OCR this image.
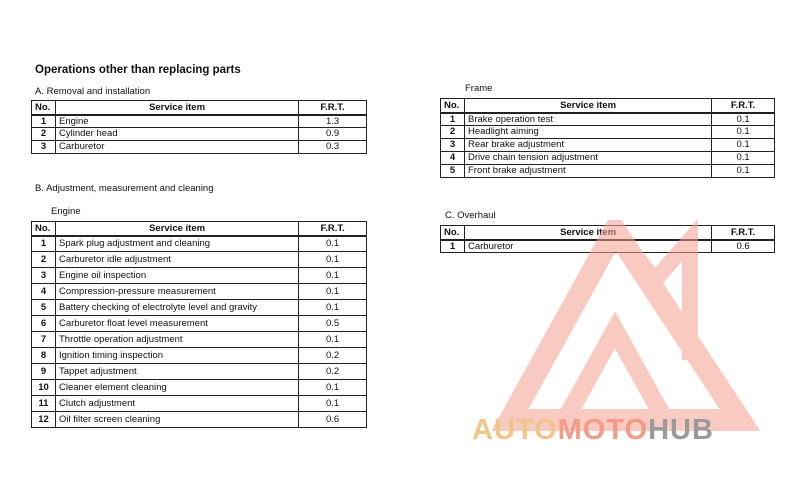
Operations other than replacing parts
A. Removal and installation
No.	Service item	F.R.T.
1	Engine	1.3
2	Cylinder head	0.9
3	Carburetor	0.3
B. Adjustment, measurement and cleaning
Engine
No.	Service item	F.R.T.
1	Spark plug adjustment and cleaning	0.1
2	Carburetor idle adjustment	0.1
3	Engine oil inspection	0.1
4	Compression-pressure measurement	0.1
5	Battery checking of electrolyte level and gravity	0.1
6	Carburetor float level measurement	0.5
7	Throttle operation adjustment	0.1
8	Ignition timing inspection	0.2
9	Tappet adjustment	0.2
10	Cleaner element cleaning	0.1
11	Clutch adjustment	0.1
12	Oil filter screen cleaning	0.6
Frame
No.	Service item	F.R.T.
1	Brake operation test	0.1
2	Headlight aiming	0.1
3	Rear brake adjustment	0.1
4	Drive chain tension adjustment	0.1
5	Front brake adjustment	0.1
C. Overhaul
No.	Service item	F.R.T.
1	Carburetor	0.6
AUTOMOTOHUB
